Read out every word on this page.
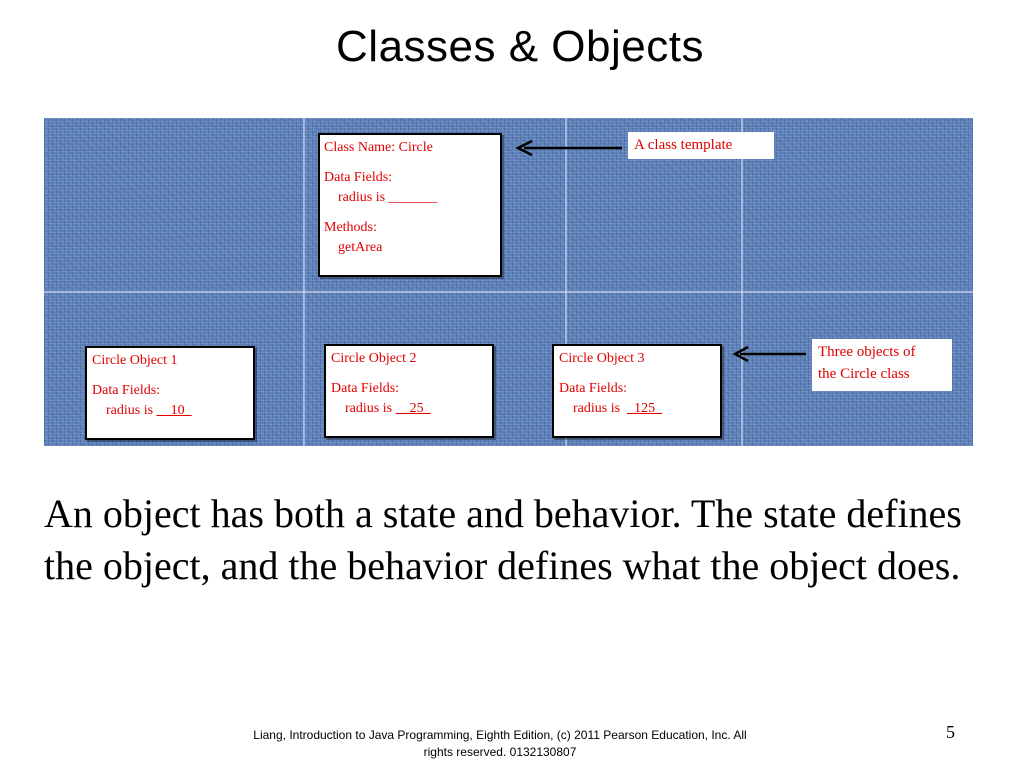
Classes & Objects
Class Name: Circle
Data Fields:
radius is _______
Methods:
getArea
A class template
Circle Object 1
Data Fields:
radius is __10_
Circle Object 2
Data Fields:
radius is __25_
Circle Object 3
Data Fields:
radius is  _125_
Three objects of
the Circle class
An object has both a state and behavior. The state defines the object, and the behavior defines what the object does.
Liang, Introduction to Java Programming, Eighth Edition, (c) 2011 Pearson Education, Inc. All
rights reserved. 0132130807
5
